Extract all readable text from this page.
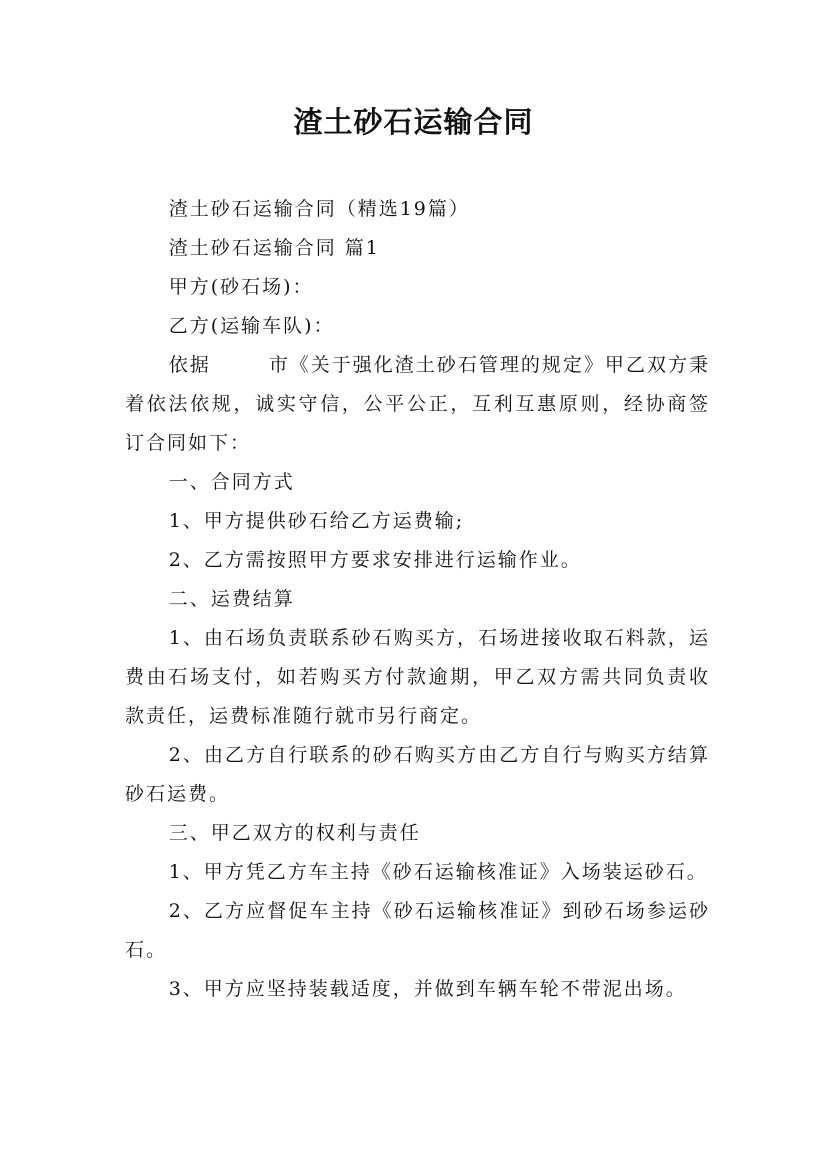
渣土砂石运输合同

渣土砂石运输合同（精选19篇）

渣土砂石运输合同 篇1

甲方(砂石场)：

乙方(运输车队)：

依据	市《关于强化渣土砂石管理的规定》甲乙双方秉着依法依规，诚实守信，公平公正，互利互惠原则，经协商签订合同如下：

一、合同方式

1、甲方提供砂石给乙方运费输;

2、乙方需按照甲方要求安排进行运输作业。

二、运费结算

1、由石场负责联系砂石购买方，石场进接收取石料款，运费由石场支付，如若购买方付款逾期，甲乙双方需共同负责收款责任，运费标准随行就市另行商定。

2、由乙方自行联系的砂石购买方由乙方自行与购买方结算砂石运费。

三、甲乙双方的权利与责任

1、甲方凭乙方车主持《砂石运输核准证》入场装运砂石。

2、乙方应督促车主持《砂石运输核准证》到砂石场参运砂石。

3、甲方应坚持装载适度，并做到车辆车轮不带泥出场。
